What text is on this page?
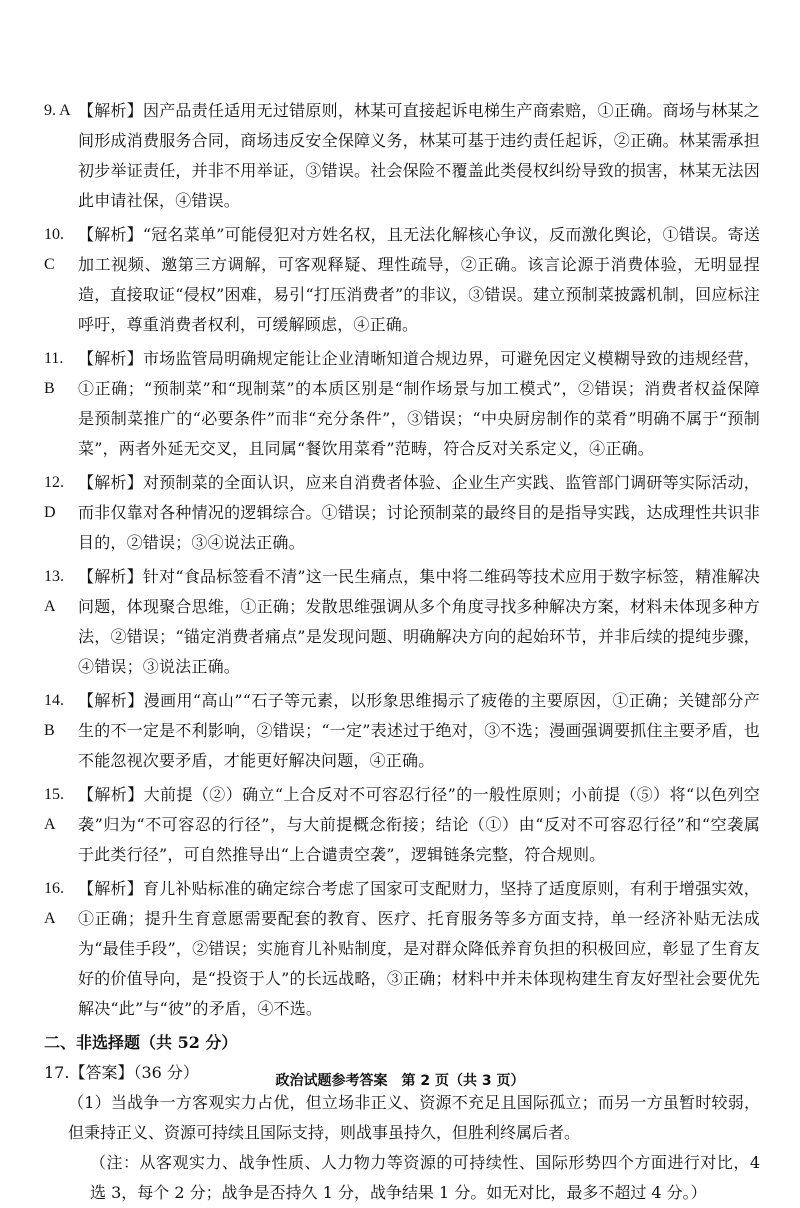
9. A 【解析】因产品责任适用无过错原则，林某可直接起诉电梯生产商索赔，①正确。商场与林某之间形成消费服务合同，商场违反安全保障义务，林某可基于违约责任起诉，②正确。林某需承担初步举证责任，并非不用举证，③错误。社会保险不覆盖此类侵权纠纷导致的损害，林某无法因此申请社保，④错误。
10. C
【解析】“冠名菜单”可能侵犯对方姓名权，且无法化解核心争议，反而激化舆论，①错误。寄送加工视频、邀第三方调解，可客观释疑、理性疏导，②正确。该言论源于消费体验，无明显捏造，直接取证“侵权”困难，易引“打压消费者”的非议，③错误。建立预制菜披露机制，回应标注呼吁，尊重消费者权利，可缓解顾虑，④正确。
11. B
【解析】市场监管局明确规定能让企业清晰知道合规边界，可避免因定义模糊导致的违规经营，①正确；“预制菜”和“现制菜”的本质区别是“制作场景与加工模式”，②错误；消费者权益保障是预制菜推广的“必要条件”而非“充分条件”，③错误；“中央厨房制作的菜肴”明确不属于“预制菜”，两者外延无交叉，且同属“餐饮用菜肴”范畴，符合反对关系定义，④正确。
12. D
【解析】对预制菜的全面认识，应来自消费者体验、企业生产实践、监管部门调研等实际活动，而非仅靠对各种情况的逻辑综合。①错误；讨论预制菜的最终目的是指导实践，达成理性共识非目的，②错误；③④说法正确。
13. A
【解析】针对“食品标签看不清”这一民生痛点，集中将二维码等技术应用于数字标签，精准解决问题，体现聚合思维，①正确；发散思维强调从多个角度寻找多种解决方案，材料未体现多种方法，②错误；“锚定消费者痛点”是发现问题、明确解决方向的起始环节，并非后续的提纯步骤，④错误；③说法正确。
14. B
【解析】漫画用“高山”“石子等元素，以形象思维揭示了疲倦的主要原因，①正确；关键部分产生的不一定是不利影响，②错误；“一定”表述过于绝对，③不选；漫画强调要抓住主要矛盾，也不能忽视次要矛盾，才能更好解决问题，④正确。
15. A
【解析】大前提（②）确立“上合反对不可容忍行径”的一般性原则；小前提（⑤）将“以色列空袭”归为“不可容忍的行径”，与大前提概念衔接；结论（①）由“反对不可容忍行径”和“空袭属于此类行径”，可自然推导出“上合谴责空袭”，逻辑链条完整，符合规则。
16. A
【解析】育儿补贴标准的确定综合考虑了国家可支配财力，坚持了适度原则，有利于增强实效，①正确；提升生育意愿需要配套的教育、医疗、托育服务等多方面支持，单一经济补贴无法成为“最佳手段”，②错误；实施育儿补贴制度，是对群众降低养育负担的积极回应，彰显了生育友好的价值导向，是“投资于人”的长远战略，③正确；材料中并未体现构建生育友好型社会要优先解决“此”与“彼”的矛盾，④不选。
二、非选择题（共 52 分）
17.【答案】（36 分）
（1）当战争一方客观实力占优，但立场非正义、资源不充足且国际孤立；而另一方虽暂时较弱，但秉持正义、资源可持续且国际支持，则战事虽持久，但胜利终属后者。
（注：从客观实力、战争性质、人力物力等资源的可持续性、国际形势四个方面进行对比，4 选 3，每个 2 分；战争是否持久 1 分，战争结果 1 分。如无对比，最多不超过 4 分。）
政治试题参考答案　第 2 页（共 3 页）
